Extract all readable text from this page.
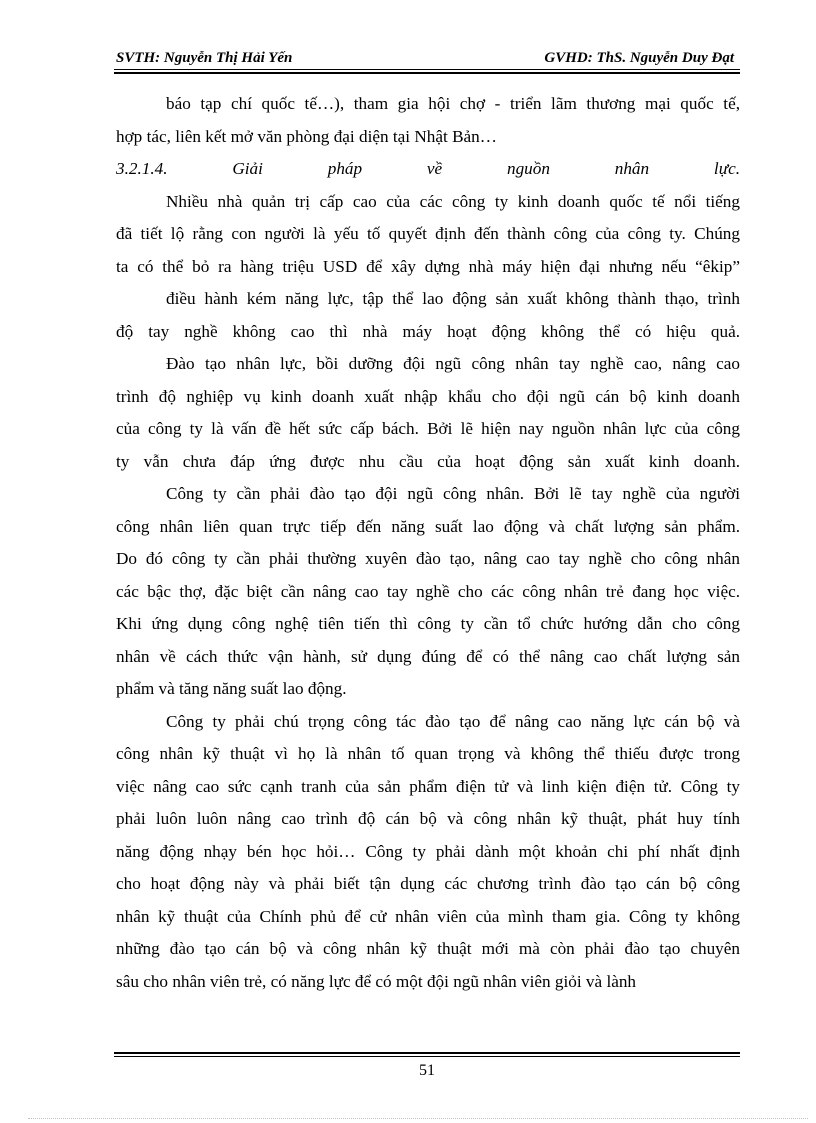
SVTH: Nguyễn Thị Hải Yến	GVHD: ThS. Nguyễn Duy Đạt
báo tạp chí quốc tế…), tham gia hội chợ - triển lãm thương mại quốc tế,
hợp tác, liên kết mở văn phòng đại diện tại Nhật Bản…
3.2.1.4. Giải pháp về nguồn nhân lực.
Nhiều nhà quản trị cấp cao của các công ty kinh doanh quốc tế nổi tiếng
đã tiết lộ rằng con người là yếu tố quyết định đến thành công của công ty. Chúng
ta có thể bỏ ra hàng triệu USD để xây dựng nhà máy hiện đại nhưng nếu “êkip”
điều hành kém năng lực, tập thể lao động sản xuất không thành thạo, trình
độ tay nghề không cao thì nhà máy hoạt động không thể có hiệu quả.
Đào tạo nhân lực, bồi dưỡng đội ngũ công nhân tay nghề cao, nâng cao
trình độ nghiệp vụ kinh doanh xuất nhập khẩu cho đội ngũ cán bộ kinh doanh
của công ty là vấn đề hết sức cấp bách. Bởi lẽ hiện nay nguồn nhân lực của công
ty vẫn chưa đáp ứng được nhu cầu của hoạt động sản xuất kinh doanh.
Công ty cần phải đào tạo đội ngũ công nhân. Bởi lẽ tay nghề của người
công nhân liên quan trực tiếp đến năng suất lao động và chất lượng sản phẩm.
Do đó công ty cần phải thường xuyên đào tạo, nâng cao tay nghề cho công nhân
các bậc thợ, đặc biệt cần nâng cao tay nghề cho các công nhân trẻ đang học việc.
Khi ứng dụng công nghệ tiên tiến thì công ty cần tổ chức hướng dẫn cho công
nhân về cách thức vận hành, sử dụng đúng để có thể nâng cao chất lượng sản
phẩm và tăng năng suất lao động.
Công ty phải chú trọng công tác đào tạo để nâng cao năng lực cán bộ và
công nhân kỹ thuật vì họ là nhân tố quan trọng và không thể thiếu được trong
việc nâng cao sức cạnh tranh của sản phẩm điện tử và linh kiện điện tử. Công ty
phải luôn luôn nâng cao trình độ cán bộ và công nhân kỹ thuật, phát huy tính
năng động nhạy bén học hỏi… Công ty phải dành một khoản chi phí nhất định
cho hoạt động này và phải biết tận dụng các chương trình đào tạo cán bộ công
nhân kỹ thuật của Chính phủ để cử nhân viên của mình tham gia. Công ty không
những đào tạo cán bộ và công nhân kỹ thuật mới mà còn phải đào tạo chuyên
sâu cho nhân viên trẻ, có năng lực để có một đội ngũ nhân viên giỏi và lành
51
